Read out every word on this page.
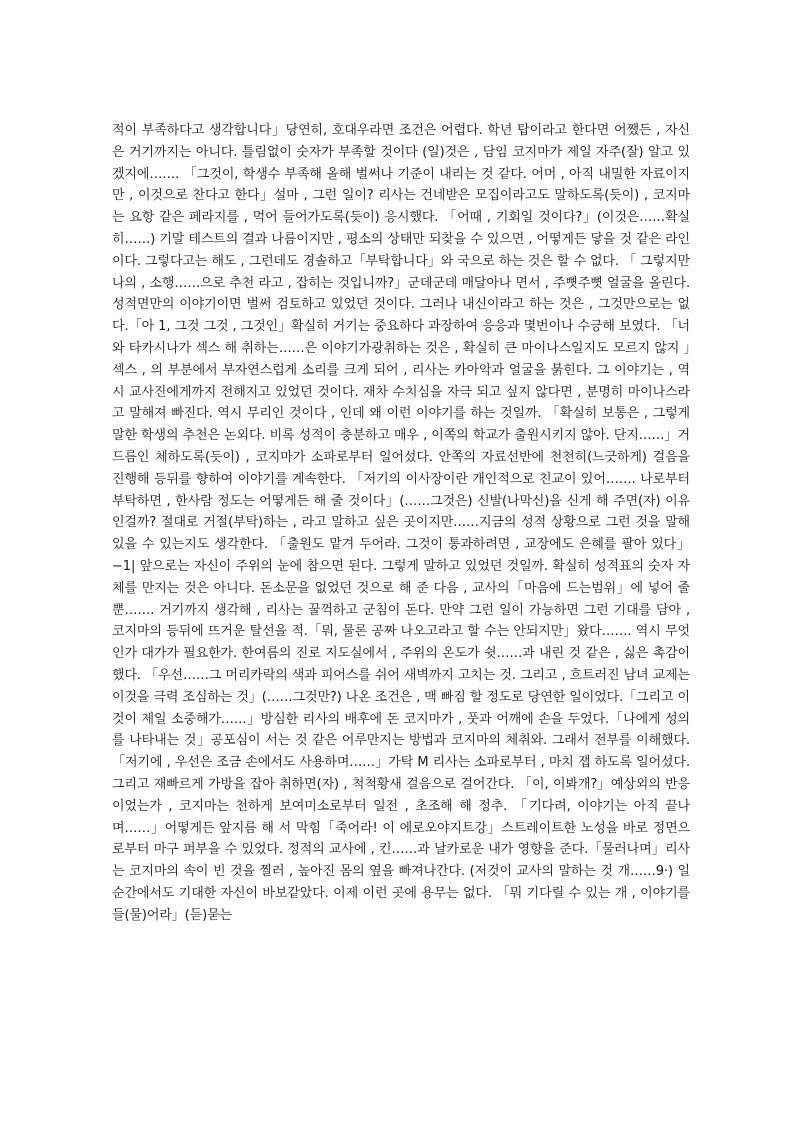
적이 부족하다고 생각합니다」당연히, 호대우라면 조건은 어렵다. 학년 탑이라고 한다면 어쨌든 , 자신은 거기까지는 아니다. 틀림없이 숫자가 부족할 것이다 (일)것은 , 담임 코지마가 제일 자주(잘) 알고 있겠지에……. 「그것이, 학생수 부족해 올해 벌써나 기준이 내리는 것 같다. 어머 , 아직 내밀한 자료이지만 , 이것으로 찬다고 한다」설마 , 그런 일이? 리사는 건네받은 모집이라고도 말하도록(듯이) , 코지마는 요항 같은 페라지를 , 먹어 들어가도록(듯이) 응시했다. 「어때 , 기회일 것이다?」(이것은……확실히……) 기말 테스트의 결과 나름이지만 , 평소의 상태만 되찾을 수 있으면 , 어떻게든 닿을 것 같은 라인이다. 그렇다고는 해도 , 그런데도 경솔하고「부탁합니다」와 국으로 하는 것은 할 수 없다. 「 그렇지만 나의 , 소행……으로 추천 라고 , 잡히는 것입니까?」군데군데 매달아나 면서 , 주뼛주뼛 얼굴을 올린다. 성적면만의 이야기이면 벌써 검토하고 있었던 것이다. 그러나 내신이라고 하는 것은 , 그것만으로는 없다.「아 1, 그것 그것 , 그것인」확실히 거기는 중요하다 과장하여 응응과 몇번이나 수긍해 보였다. 「너와 타카시나가 섹스 해 취하는……은 이야기가광취하는 것은 , 확실히 큰 마이나스일지도 모르지 않지 」섹스 , 의 부분에서 부자연스럽게 소리를 크게 되어 , 리사는 카아악과 얼굴을 붉힌다. 그 이야기는 , 역시 교사진에게까지 전해지고 있었던 것이다. 재차 수치심을 자극 되고 싶지 않다면 , 분명히 마이나스라고 말해져 빠진다. 역시 무리인 것이다 , 인데 왜 이런 이야기를 하는 것일까. 「확실히 보통은 , 그렇게 말한 학생의 추천은 논외다. 비록 성적이 충분하고 매우 , 이쪽의 학교가 출원시키지 않아. 단지……」거드름인 체하도록(듯이) , 코지마가 소파로부터 일어섰다. 안쪽의 자료선반에 천천히(느긋하게) 걸음을 진행해 등뒤를 향하여 이야기를 계속한다. 「저기의 이사장이란 개인적으로 친교이 있어……. 나로부터 부탁하면 , 한사람 정도는 어떻게든 해 줄 것이다」(……그것은) 신발(나막신)을 신게 해 주면(자) 이유 인걸까? 절대로 거절(부탁)하는 , 라고 말하고 싶은 곳이지만……지금의 성적 상황으로 그런 것을 말해 있을 수 있는지도 생각한다. 「출원도 맡겨 두어라. 그것이 통과하려면 , 교장에도 은혜를 팔아 있다」−1| 앞으로는 자신이 주위의 눈에 참으면 된다. 그렇게 말하고 있었던 것일까. 확실히 성적표의 숫자 자체를 만지는 것은 아니다. 돈소문을 없었던 것으로 해 준 다음 , 교사의「마음에 드는범위」에 넣어 줄 뿐……. 거기까지 생각해 , 리사는 꿀꺽하고 군침이 돈다. 만약 그런 일이 가능하면 그런 기대를 담아 , 코지마의 등뒤에 뜨거운 탈선을 적.「뭐, 물론 공짜 나오고라고 할 수는 안되지만」왔다……. 역시 무엇인가 대가가 필요한가. 한여름의 진로 지도실에서 , 주위의 온도가 쉿……과 내린 것 같은 , 싫은 촉감이 했다. 「우선……그 머리카락의 색과 피어스를 쉬어 새벽까지 고치는 것. 그리고 , 흐트러진 남녀 교제는 이것을 극력 조심하는 것」(……그것만?) 나온 조건은 , 맥 빠짐 할 정도로 당연한 일이었다.「그리고 이것이 제일 소중해가……」방심한 리사의 배후에 돈 코지마가 , 풋과 어깨에 손을 두었다.「나에게 성의를 나타내는 것」공포심이 서는 것 같은 어루만지는 방법과 코지마의 체취와. 그래서 전부를 이해했다.「저기에 , 우선은 조금 손에서도 사용하며……」가탁 M 리사는 소파로부터 , 마치 잽 하도록 일어섰다. 그리고 재빠르게 가방을 잡아 취하면(자) , 척척황새 걸음으로 걸어간다. 「이, 이봐개?」예상외의 반응이었는가 , 코지마는 천하게 보여미소로부터 일전 , 초조해 해 정추. 「기다려, 이야기는 아직 끝나며……」어떻게든 앞지름 해 서 막힘「죽어라! 이 에로오야지트강」스트레이트한 노성을 바로 정면으로부터 마구 퍼부을 수 있었다. 정적의 교사에 , 킨……과 날카로운 내가 영향을 준다.「물러나며」리사는 코지마의 속이 빈 것을 찔러 , 높아진 몸의 옆을 빠져나간다. (저것이 교사의 말하는 것 개……9·) 일순간에서도 기대한 자신이 바보같았다. 이제 이런 곳에 용무는 없다. 「뭐 기다릴 수 있는 개 , 이야기를 들(물)어라」(듣)묻는
